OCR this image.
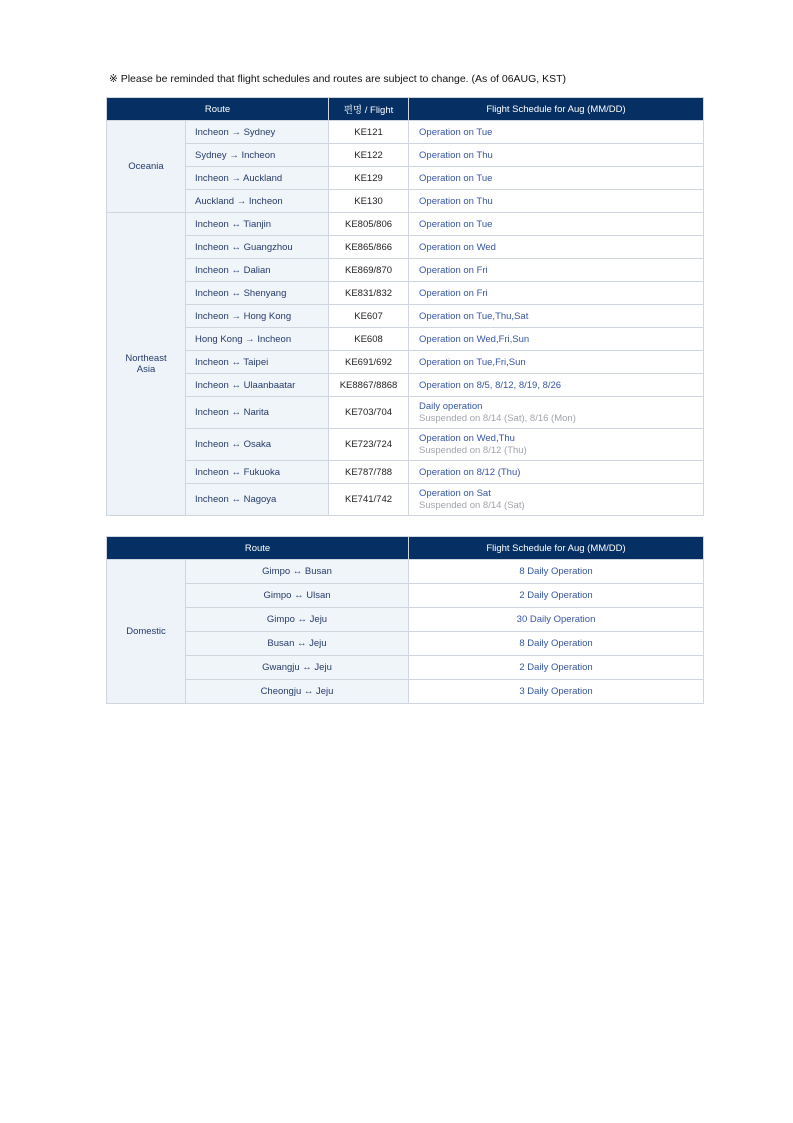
※ Please be reminded that flight schedules and routes are subject to change. (As of 06AUG, KST)
Route		편명 / Flight	Flight Schedule for Aug (MM/DD)
Oceania	Incheon → Sydney	KE121	Operation on Tue
	Sydney → Incheon	KE122	Operation on Thu
	Incheon → Auckland	KE129	Operation on Tue
	Auckland → Incheon	KE130	Operation on Thu
Northeast
Asia	Incheon ↔ Tianjin	KE805/806	Operation on Tue
	Incheon ↔ Guangzhou	KE865/866	Operation on Wed
	Incheon ↔ Dalian	KE869/870	Operation on Fri
	Incheon ↔ Shenyang	KE831/832	Operation on Fri
	Incheon → Hong Kong	KE607	Operation on Tue,Thu,Sat
	Hong Kong → Incheon	KE608	Operation on Wed,Fri,Sun
	Incheon ↔ Taipei	KE691/692	Operation on Tue,Fri,Sun
	Incheon ↔ Ulaanbaatar	KE8867/8868	Operation on 8/5, 8/12, 8/19, 8/26
	Incheon ↔ Narita	KE703/704	Daily operation
Suspended on 8/14 (Sat), 8/16 (Mon)

	Incheon ↔ Osaka	KE723/724	Operation on Wed,Thu
Suspended on 8/12 (Thu)

	Incheon ↔ Fukuoka	KE787/788	Operation on 8/12 (Thu)
	Incheon ↔ Nagoya	KE741/742	Operation on Sat
Suspended on 8/14 (Sat)
Route		Flight Schedule for Aug (MM/DD)
Domestic	Gimpo ↔ Busan	8 Daily Operation
	Gimpo ↔ Ulsan	2 Daily Operation
	Gimpo ↔ Jeju	30 Daily Operation
	Busan ↔ Jeju	8 Daily Operation
	Gwangju ↔ Jeju	2 Daily Operation
	Cheongju ↔ Jeju	3 Daily Operation
